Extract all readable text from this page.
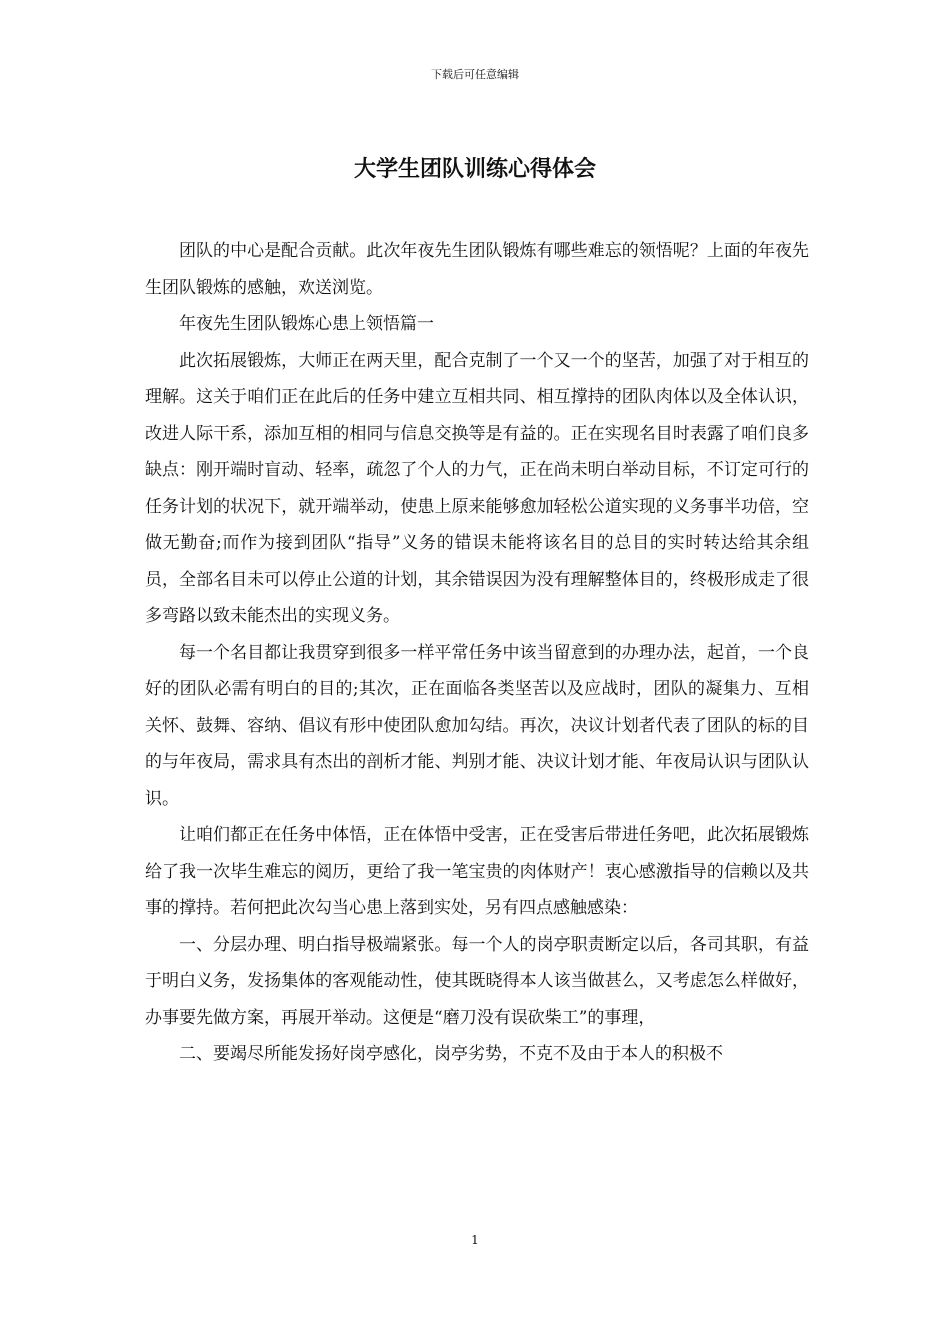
下载后可任意编辑
大学生团队训练心得体会

团队的中心是配合贡献。此次年夜先生团队锻炼有哪些难忘的领悟呢？上面的年夜先生团队锻炼的感触，欢送浏览。

年夜先生团队锻炼心患上领悟篇一

此次拓展锻炼，大师正在两天里，配合克制了一个又一个的坚苦，加强了对于相互的理解。这关于咱们正在此后的任务中建立互相共同、相互撑持的团队肉体以及全体认识，改进人际干系，添加互相的相同与信息交换等是有益的。正在实现名目时表露了咱们良多缺点：刚开端时盲动、轻率，疏忽了个人的力气，正在尚未明白举动目标，不订定可行的任务计划的状况下，就开端举动，使患上原来能够愈加轻松公道实现的义务事半功倍，空做无勤奋;而作为接到团队“指导”义务的错误未能将该名目的总目的实时转达给其余组员，全部名目未可以停止公道的计划，其余错误因为没有理解整体目的，终极形成走了很多弯路以致未能杰出的实现义务。

每一个名目都让我贯穿到很多一样平常任务中该当留意到的办理办法，起首，一个良好的团队必需有明白的目的;其次，正在面临各类坚苦以及应战时，团队的凝集力、互相关怀、鼓舞、容纳、倡议有形中使团队愈加勾结。再次，决议计划者代表了团队的标的目的与年夜局，需求具有杰出的剖析才能、判别才能、决议计划才能、年夜局认识与团队认识。

让咱们都正在任务中体悟，正在体悟中受害，正在受害后带进任务吧，此次拓展锻炼给了我一次毕生难忘的阅历，更给了我一笔宝贵的肉体财产！衷心感激指导的信赖以及共事的撑持。若何把此次勾当心患上落到实处，另有四点感触感染：

一、分层办理、明白指导极端紧张。每一个人的岗亭职责断定以后，各司其职，有益于明白义务，发扬集体的客观能动性，使其既晓得本人该当做甚么，又考虑怎么样做好，办事要先做方案，再展开举动。这便是“磨刀没有误砍柴工”的事理，

二、要竭尽所能发扬好岗亭感化，岗亭劣势，不克不及由于本人的积极不

1
